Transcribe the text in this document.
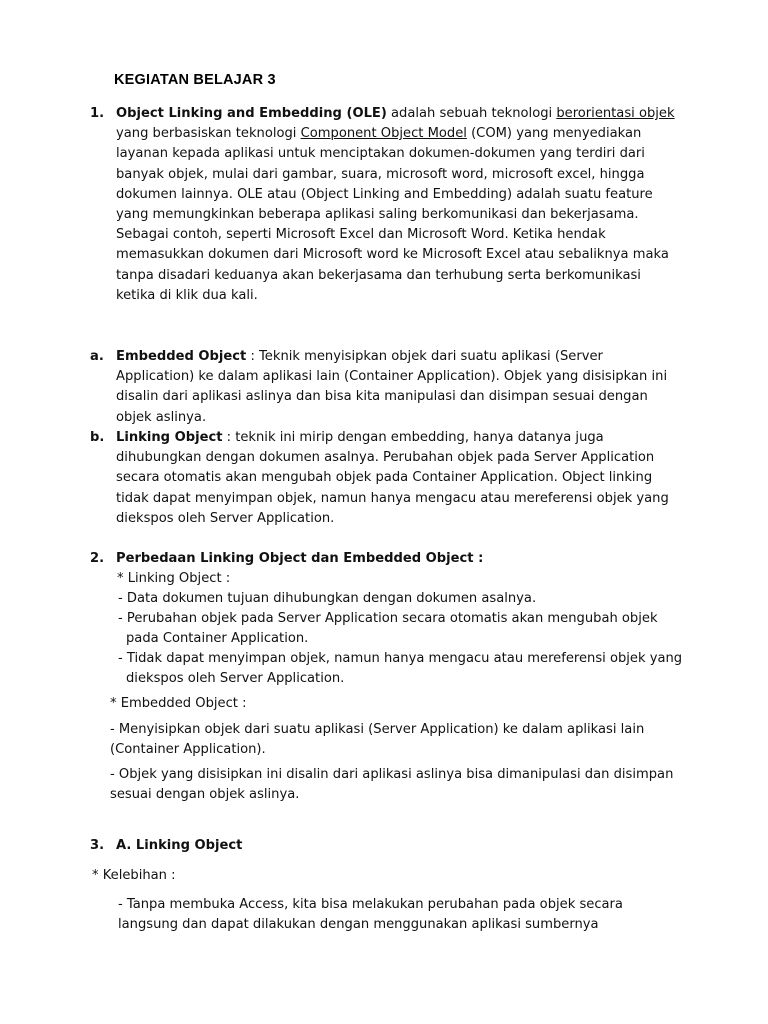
KEGIATAN BELAJAR 3
1. Object Linking and Embedding (OLE) adalah sebuah teknologi berorientasi objek yang berbasiskan teknologi Component Object Model (COM) yang menyediakan layanan kepada aplikasi untuk menciptakan dokumen-dokumen yang terdiri dari banyak objek, mulai dari gambar, suara, microsoft word, microsoft excel, hingga dokumen lainnya. OLE atau (Object Linking and Embedding) adalah suatu feature yang memungkinkan beberapa aplikasi saling berkomunikasi dan bekerjasama. Sebagai contoh, seperti Microsoft Excel dan Microsoft Word. Ketika hendak memasukkan dokumen dari Microsoft word ke Microsoft Excel atau sebaliknya maka tanpa disadari keduanya akan bekerjasama dan terhubung serta berkomunikasi ketika di klik dua kali.
a. Embedded Object : Teknik menyisipkan objek dari suatu aplikasi (Server Application) ke dalam aplikasi lain (Container Application). Objek yang disisipkan ini disalin dari aplikasi aslinya dan bisa kita manipulasi dan disimpan sesuai dengan objek aslinya.
b. Linking Object : teknik ini mirip dengan embedding, hanya datanya juga dihubungkan dengan dokumen asalnya. Perubahan objek pada Server Application secara otomatis akan mengubah objek pada Container Application. Object linking tidak dapat menyimpan objek, namun hanya mengacu atau mereferensi objek yang diekspos oleh Server Application.
2. Perbedaan Linking Object dan Embedded Object :
* Linking Object :
- Data dokumen tujuan dihubungkan dengan dokumen asalnya.
- Perubahan objek pada Server Application secara otomatis akan mengubah objek pada Container Application.
- Tidak dapat menyimpan objek, namun hanya mengacu atau mereferensi objek yang diekspos oleh Server Application.
* Embedded Object :
- Menyisipkan objek dari suatu aplikasi (Server Application) ke dalam aplikasi lain (Container Application).
- Objek yang disisipkan ini disalin dari aplikasi aslinya bisa dimanipulasi dan disimpan sesuai dengan objek aslinya.
3. A. Linking Object
* Kelebihan :
- Tanpa membuka Access, kita bisa melakukan perubahan pada objek secara langsung dan dapat dilakukan dengan menggunakan aplikasi sumbernya
